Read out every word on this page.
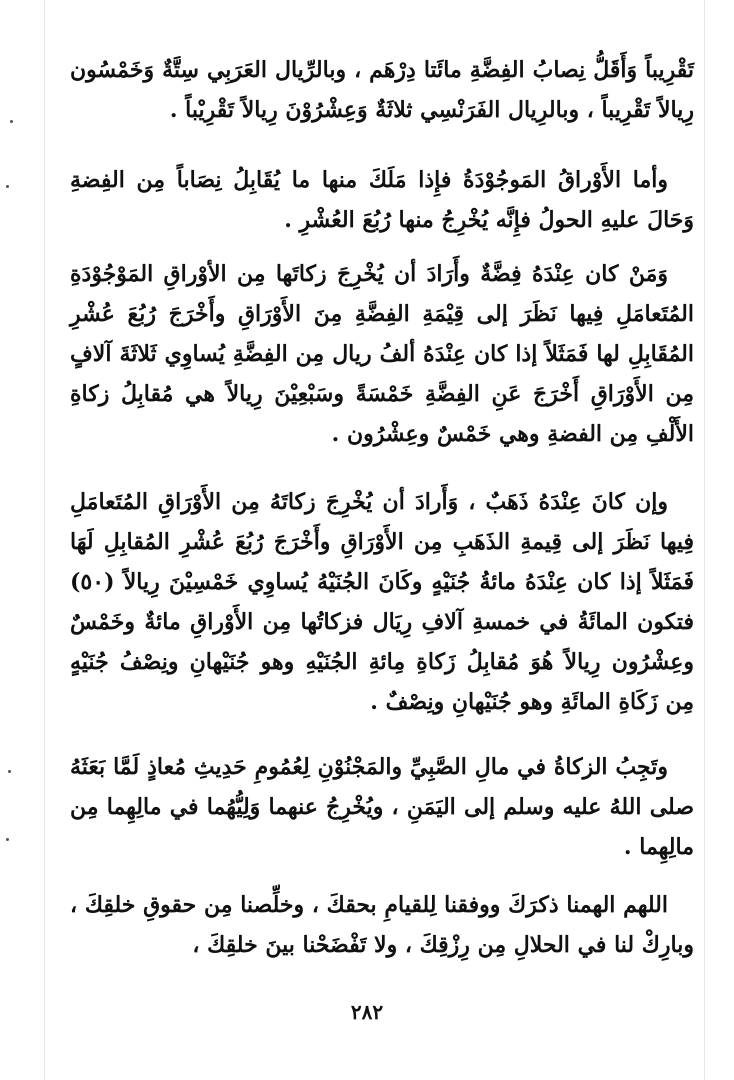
تَقْرِيباً وَأَقَلُّ نِصابُ الفِضَّةِ مائَتا دِرْهَم ، وبالرِّيال العَرَبِي سِتَّةٌ وَخَمْسُون رِيالاً تَقْرِيباً ، وبالرِيال الفَرَنْسِي ثلاثَةٌ وَعِشْرُوْنَ رِيالاً تَقْرِيْباً .

وأما الأَوْراقُ المَوجُوْدَةُ فإِذا مَلَكَ منها ما يُقَابِلُ نِصَاباً مِن الفِضةِ وَحَالَ عليهِ الحولُ فإِنَّه يُخْرِجُ منها رُبُعَ العُشْرِ .

وَمَنْ كان عِنْدَهُ فِضَّةٌ وأَرَادَ أن يُخْرِجَ زكاتَها مِن الأوْراقِ المَوْجُوْدَةِ المُتَعامَلِ فِيها نَظَرَ إلى قِيْمَةِ الفِضَّةِ مِنَ الأَوْرَاقِ وأَخْرَجَ رُبُعَ عُشْرِ المُقَابِلِ لها فَمَثَلاً إذا كان عِنْدَهُ ألفُ ريال مِن الفِضَّةِ يُساوِي ثَلاثَةَ آلافٍ مِن الأَوْرَاقِ أَخْرَجَ عَنِ الفِضَّةِ خَمْسَةً وسَبْعِيْنَ رِيالاً هي مُقابِلُ زكاةِ الأَلْفِ مِن الفضةِ وهي خَمْسٌ وعِشْرُون .

وإن كانَ عِنْدَهُ ذَهَبٌ ، وَأَرادَ أن يُخْرِجَ زكاتَهُ مِن الأَوْرَاقِ المُتَعامَلِ فِيها نَظَرَ إلى قِيمةِ الذَهَبِ مِن الأَوْرَاقِ وأَخْرَجَ رُبُعَ عُشْرِ المُقابِلِ لَهَا فَمَثَلاً إذا كان عِنْدَهُ مائةُ جُنَيْهٍ وكَانَ الجُنَيْهُ يُساوِي خَمْسِيْنَ رِيالاً (٥٠) فتكون المائَةُ في خمسةِ آلافِ رِيَال فزكاتُها مِن الأَوْراقِ مائةٌ وخَمْسٌ وعِشْرُون رِيالاً هُوَ مُقابِلُ زَكاةِ مِائةِ الجُنَيْهِ وهو جُنَيْهانِ ونِصْفُ جُنَيْهٍ مِن زَكَاةِ المائَةِ وهو جُنَيْهانِ ونِصْفٌ .

وتَجِبُ الزكاةُ في مالِ الصَّبِيِّ والمَجْنُوْنِ لِعُمُومِ حَدِيثِ مُعاذٍ لَمَّا بَعَثَهُ صلى اللهُ عليه وسلم إلى اليَمَنِ ، ويُخْرِجُ عنهما وَلِيُّهُما في مالِهِما مِن مالِهِما .

اللهم الهمنا ذكرَكَ ووفقنا لِلقيامِ بحقكَ ، وخلِّصنا مِن حقوقِ خلقِكَ ، وبارِكْ لنا في الحلالِ مِن رِزْقِكَ ، ولا تَفْضَحْنا بينَ خلقِكَ ،

٢٨٢
